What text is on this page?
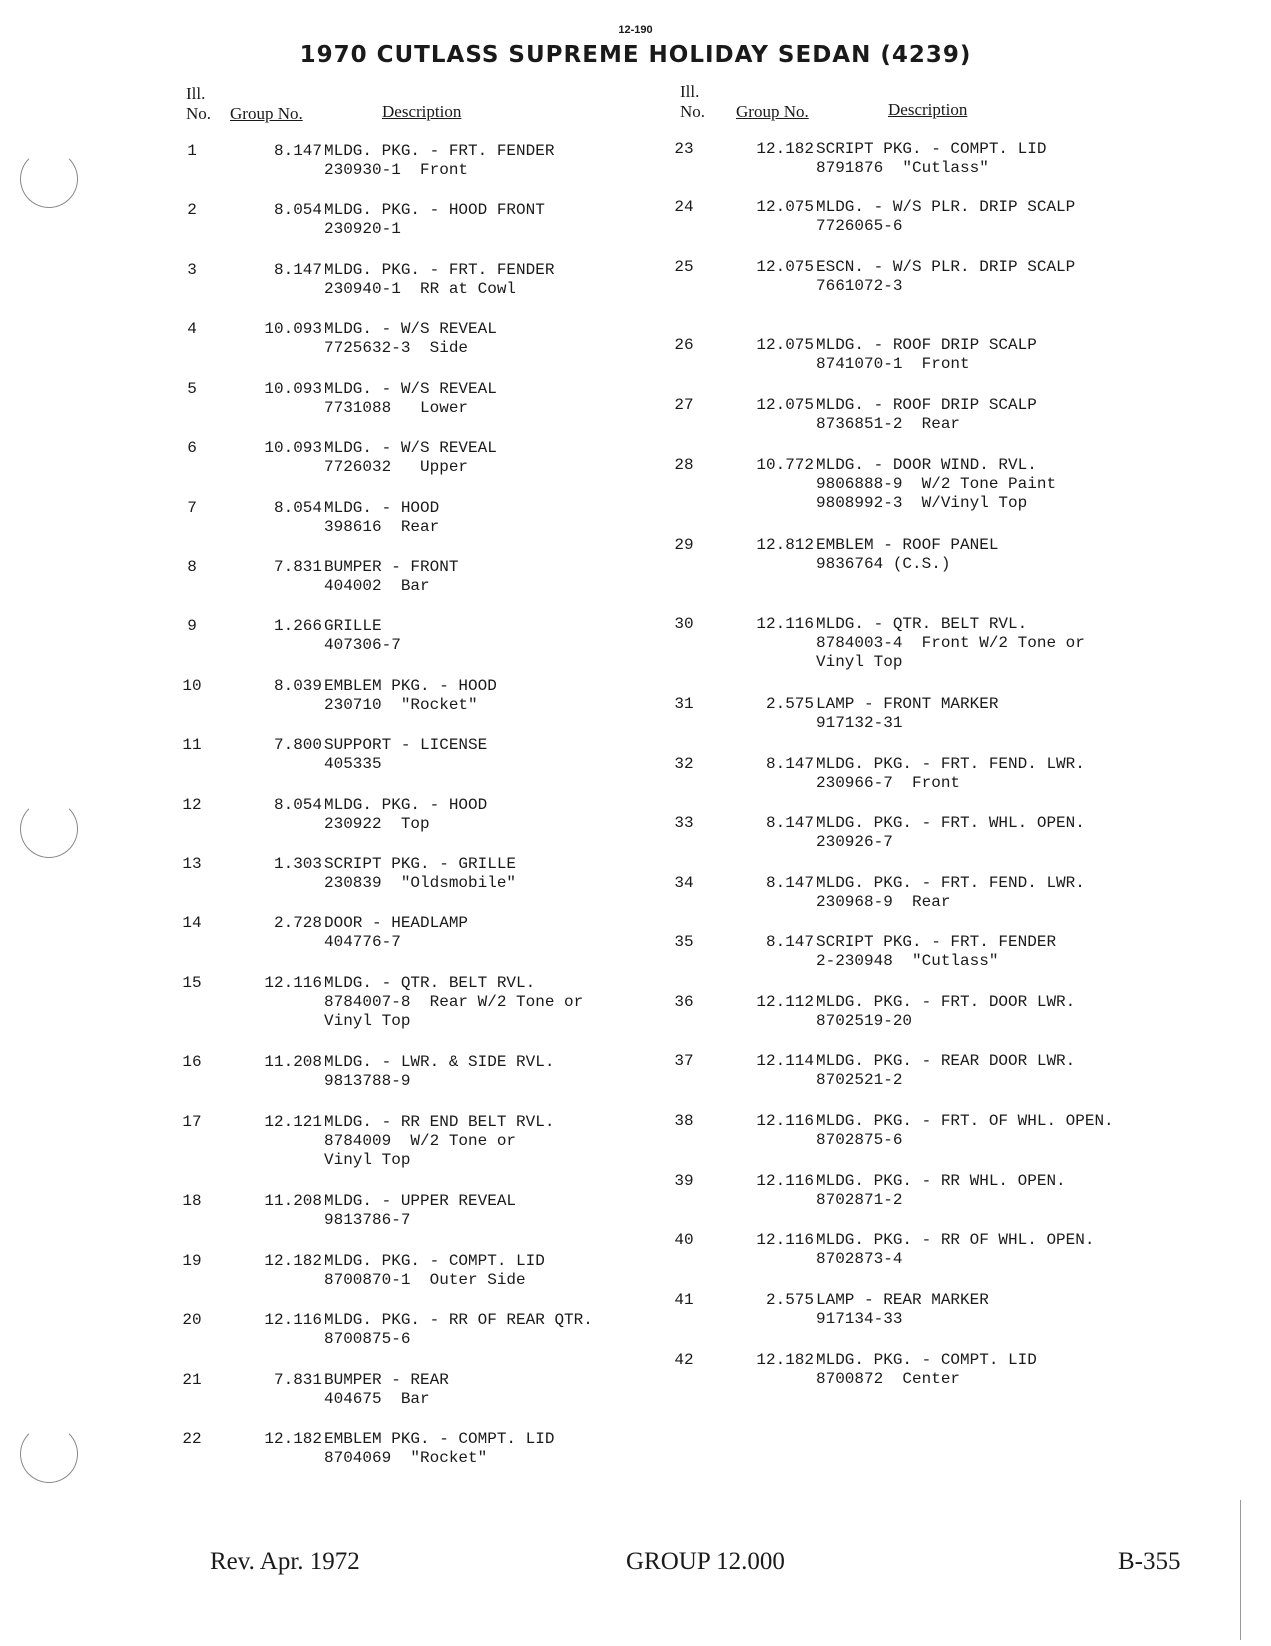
12-190
1970 CUTLASS SUPREME HOLIDAY SEDAN (4239)
Ill.
No. Group No.	Description
Ill.
No. Group No.	Description
1	8.147 MLDG. PKG. - FRT. FENDER
230930-1  Front
2	8.054 MLDG. PKG. - HOOD FRONT
230920-1
3	8.147 MLDG. PKG. - FRT. FENDER
230940-1  RR at Cowl
4	10.093 MLDG. - W/S REVEAL
7725632-3  Side
5	10.093 MLDG. - W/S REVEAL
7731088   Lower
6	10.093 MLDG. - W/S REVEAL
7726032   Upper
7	8.054 MLDG. - HOOD
398616  Rear
8	7.831 BUMPER - FRONT
404002  Bar
9	1.266 GRILLE
407306-7
10	8.039 EMBLEM PKG. - HOOD
230710  "Rocket"
11	7.800 SUPPORT - LICENSE
405335
12	8.054 MLDG. PKG. - HOOD
230922  Top
13	1.303 SCRIPT PKG. - GRILLE
230839  "Oldsmobile"
14	2.728 DOOR - HEADLAMP
404776-7
15	12.116 MLDG. - QTR. BELT RVL.
8784007-8  Rear W/2 Tone or
Vinyl Top
16	11.208 MLDG. - LWR. & SIDE RVL.
9813788-9
17	12.121 MLDG. - RR END BELT RVL.
8784009  W/2 Tone or
Vinyl Top
18	11.208 MLDG. - UPPER REVEAL
9813786-7
19	12.182 MLDG. PKG. - COMPT. LID
8700870-1  Outer Side
20	12.116 MLDG. PKG. - RR OF REAR QTR.
8700875-6
21	7.831 BUMPER - REAR
404675  Bar
22	12.182 EMBLEM PKG. - COMPT. LID
8704069  "Rocket"
23	12.182 SCRIPT PKG. - COMPT. LID
8791876  "Cutlass"
24	12.075 MLDG. - W/S PLR. DRIP SCALP
7726065-6
25	12.075 ESCN. - W/S PLR. DRIP SCALP
7661072-3
26	12.075 MLDG. - ROOF DRIP SCALP
8741070-1  Front
27	12.075 MLDG. - ROOF DRIP SCALP
8736851-2  Rear
28	10.772 MLDG. - DOOR WIND. RVL.
9806888-9  W/2 Tone Paint
9808992-3  W/Vinyl Top
29	12.812 EMBLEM - ROOF PANEL
9836764 (C.S.)
30	12.116 MLDG. - QTR. BELT RVL.
8784003-4  Front W/2 Tone or
Vinyl Top
31	2.575 LAMP - FRONT MARKER
917132-31
32	8.147 MLDG. PKG. - FRT. FEND. LWR.
230966-7  Front
33	8.147 MLDG. PKG. - FRT. WHL. OPEN.
230926-7
34	8.147 MLDG. PKG. - FRT. FEND. LWR.
230968-9  Rear
35	8.147 SCRIPT PKG. - FRT. FENDER
2-230948  "Cutlass"
36	12.112 MLDG. PKG. - FRT. DOOR LWR.
8702519-20
37	12.114 MLDG. PKG. - REAR DOOR LWR.
8702521-2
38	12.116 MLDG. PKG. - FRT. OF WHL. OPEN.
8702875-6
39	12.116 MLDG. PKG. - RR WHL. OPEN.
8702871-2
40	12.116 MLDG. PKG. - RR OF WHL. OPEN.
8702873-4
41	2.575 LAMP - REAR MARKER
917134-33
42	12.182 MLDG. PKG. - COMPT. LID
8700872  Center
Rev. Apr. 1972	GROUP 12.000	B-355
